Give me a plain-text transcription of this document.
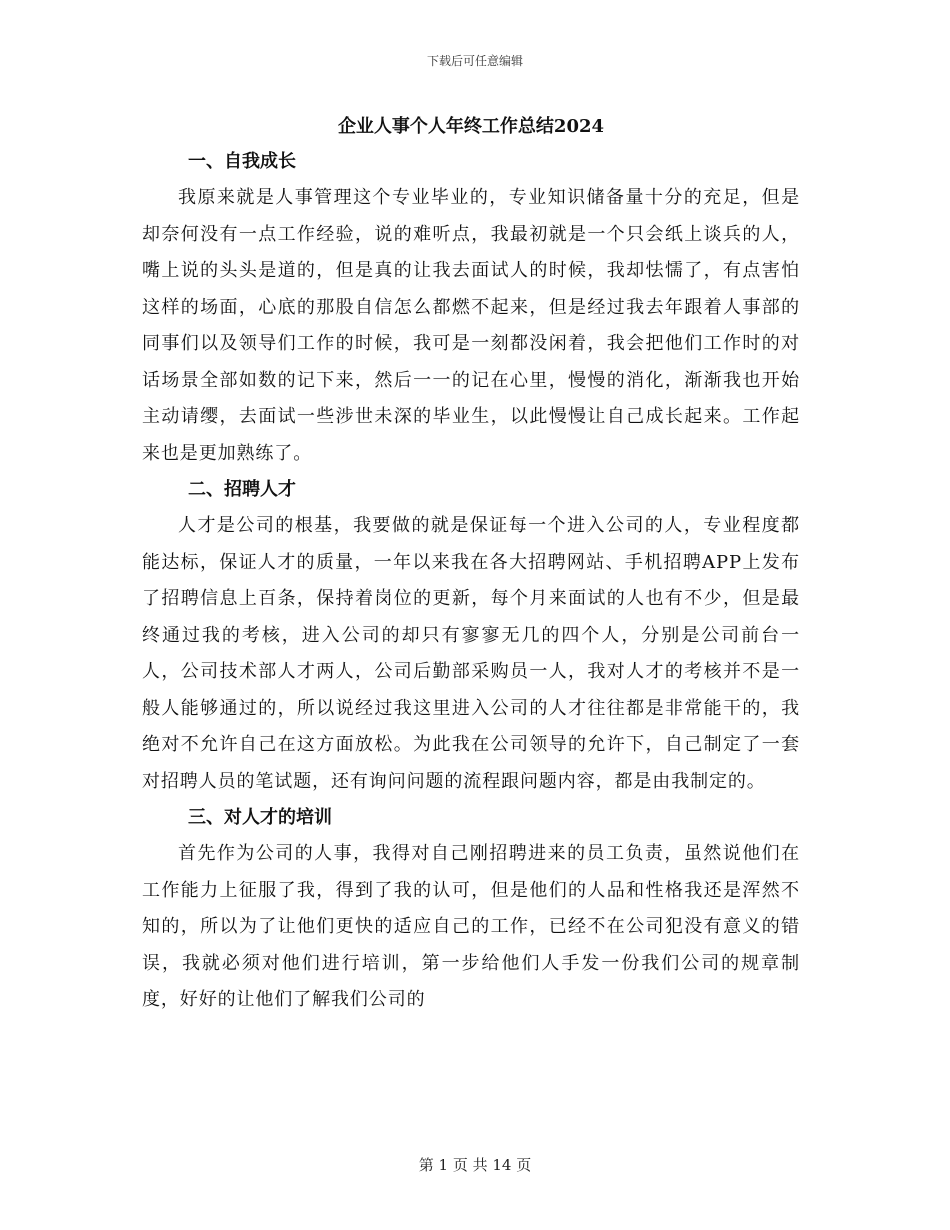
下载后可任意编辑
企业人事个人年终工作总结2024
一、自我成长

我原来就是人事管理这个专业毕业的，专业知识储备量十分的充足，但是却奈何没有一点工作经验，说的难听点，我最初就是一个只会纸上谈兵的人，嘴上说的头头是道的，但是真的让我去面试人的时候，我却怯懦了，有点害怕这样的场面，心底的那股自信怎么都燃不起来，但是经过我去年跟着人事部的同事们以及领导们工作的时候，我可是一刻都没闲着，我会把他们工作时的对话场景全部如数的记下来，然后一一的记在心里，慢慢的消化，渐渐我也开始主动请缨，去面试一些涉世未深的毕业生，以此慢慢让自己成长起来。工作起来也是更加熟练了。

二、招聘人才

人才是公司的根基，我要做的就是保证每一个进入公司的人，专业程度都能达标，保证人才的质量，一年以来我在各大招聘网站、手机招聘APP上发布了招聘信息上百条，保持着岗位的更新，每个月来面试的人也有不少，但是最终通过我的考核，进入公司的却只有寥寥无几的四个人，分别是公司前台一人，公司技术部人才两人，公司后勤部采购员一人，我对人才的考核并不是一般人能够通过的，所以说经过我这里进入公司的人才往往都是非常能干的，我绝对不允许自己在这方面放松。为此我在公司领导的允许下，自己制定了一套对招聘人员的笔试题，还有询问问题的流程跟问题内容，都是由我制定的。

三、对人才的培训

首先作为公司的人事，我得对自己刚招聘进来的员工负责，虽然说他们在工作能力上征服了我，得到了我的认可，但是他们的人品和性格我还是浑然不知的，所以为了让他们更快的适应自己的工作，已经不在公司犯没有意义的错误，我就必须对他们进行培训，第一步给他们人手发一份我们公司的规章制度，好好的让他们了解我们公司的

第 1 页 共 14 页
